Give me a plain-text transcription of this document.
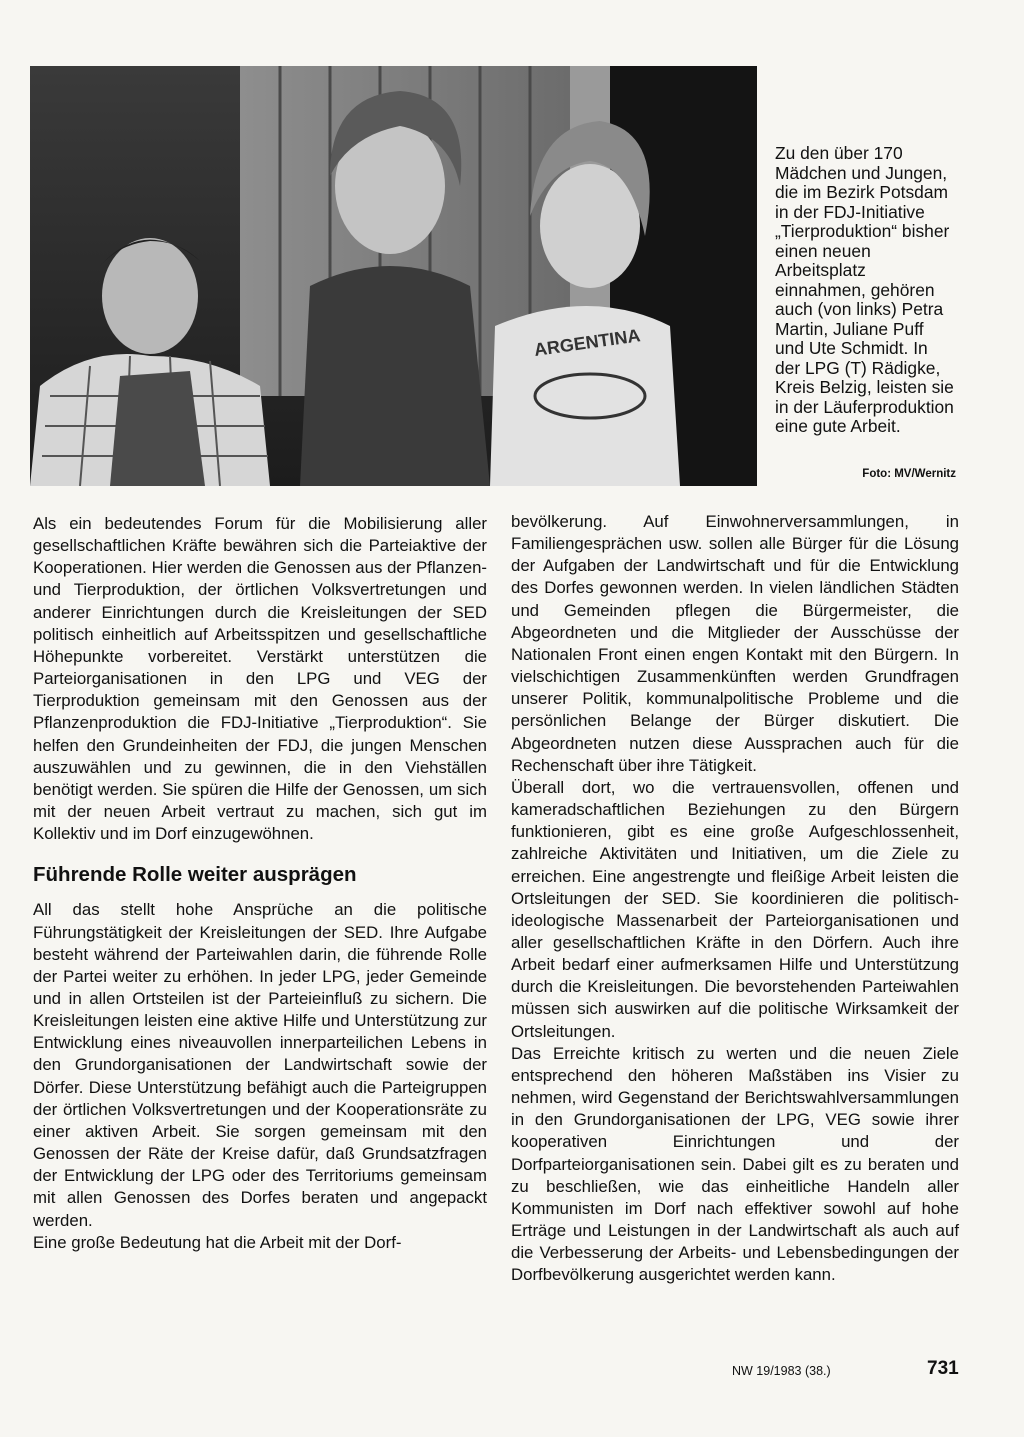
ARGENTINA
Zu den über 170 Mädchen und Jungen, die im Bezirk Potsdam in der FDJ-Initiative „Tierproduktion“ bisher einen neuen Arbeitsplatz einnahmen, gehören auch (von links) Petra Martin, Juliane Puff und Ute Schmidt. In der LPG (T) Rädigke, Kreis Belzig, leisten sie in der Läuferproduktion eine gute Arbeit.
Foto: MV/Wernitz

Als ein bedeutendes Forum für die Mobilisierung aller gesellschaftlichen Kräfte bewähren sich die Parteiaktive der Kooperationen. Hier werden die Genossen aus der Pflanzen- und Tierproduktion, der örtlichen Volksvertretungen und anderer Einrichtungen durch die Kreisleitungen der SED politisch einheitlich auf Arbeitsspitzen und gesellschaftliche Höhepunkte vorbereitet. Verstärkt unterstützen die Parteiorganisationen in den LPG und VEG der Tierproduktion gemeinsam mit den Genossen aus der Pflanzenproduktion die FDJ-Initiative „Tierproduktion“. Sie helfen den Grundeinheiten der FDJ, die jungen Menschen auszuwählen und zu gewinnen, die in den Viehställen benötigt werden. Sie spüren die Hilfe der Genossen, um sich mit der neuen Arbeit vertraut zu machen, sich gut im Kollektiv und im Dorf einzugewöhnen.

Führende Rolle weiter ausprägen

All das stellt hohe Ansprüche an die politische Führungstätigkeit der Kreisleitungen der SED. Ihre Aufgabe besteht während der Parteiwahlen darin, die führende Rolle der Partei weiter zu erhöhen. In jeder LPG, jeder Gemeinde und in allen Ortsteilen ist der Parteieinfluß zu sichern. Die Kreisleitungen leisten eine aktive Hilfe und Unterstützung zur Entwicklung eines niveauvollen innerparteilichen Lebens in den Grundorganisationen der Landwirtschaft sowie der Dörfer. Diese Unterstützung befähigt auch die Parteigruppen der örtlichen Volksvertretungen und der Kooperationsräte zu einer aktiven Arbeit. Sie sorgen gemeinsam mit den Genossen der Räte der Kreise dafür, daß Grundsatzfragen der Entwicklung der LPG oder des Territoriums gemeinsam mit allen Genossen des Dorfes beraten und angepackt werden.

Eine große Bedeutung hat die Arbeit mit der Dorf-

bevölkerung. Auf Einwohnerversammlungen, in Familiengesprächen usw. sollen alle Bürger für die Lösung der Aufgaben der Landwirtschaft und für die Entwicklung des Dorfes gewonnen werden. In vielen ländlichen Städten und Gemeinden pflegen die Bürgermeister, die Abgeordneten und die Mitglieder der Ausschüsse der Nationalen Front einen engen Kontakt mit den Bürgern. In vielschichtigen Zusammenkünften werden Grundfragen unserer Politik, kommunalpolitische Probleme und die persönlichen Belange der Bürger diskutiert. Die Abgeordneten nutzen diese Aussprachen auch für die Rechenschaft über ihre Tätigkeit.

Überall dort, wo die vertrauensvollen, offenen und kameradschaftlichen Beziehungen zu den Bürgern funktionieren, gibt es eine große Aufgeschlossenheit, zahlreiche Aktivitäten und Initiativen, um die Ziele zu erreichen. Eine angestrengte und fleißige Arbeit leisten die Ortsleitungen der SED. Sie koordinieren die politisch-ideologische Massenarbeit der Parteiorganisationen und aller gesellschaftlichen Kräfte in den Dörfern. Auch ihre Arbeit bedarf einer aufmerksamen Hilfe und Unterstützung durch die Kreisleitungen. Die bevorstehenden Parteiwahlen müssen sich auswirken auf die politische Wirksamkeit der Ortsleitungen.

Das Erreichte kritisch zu werten und die neuen Ziele entsprechend den höheren Maßstäben ins Visier zu nehmen, wird Gegenstand der Berichtswahlversammlungen in den Grundorganisationen der LPG, VEG sowie ihrer kooperativen Einrichtungen und der Dorfparteiorganisationen sein. Dabei gilt es zu beraten und zu beschließen, wie das einheitliche Handeln aller Kommunisten im Dorf nach effektiver sowohl auf hohe Erträge und Leistungen in der Landwirtschaft als auch auf die Verbesserung der Arbeits- und Lebensbedingungen der Dorfbevölkerung ausgerichtet werden kann.

NW 19/1983 (38.)	731
